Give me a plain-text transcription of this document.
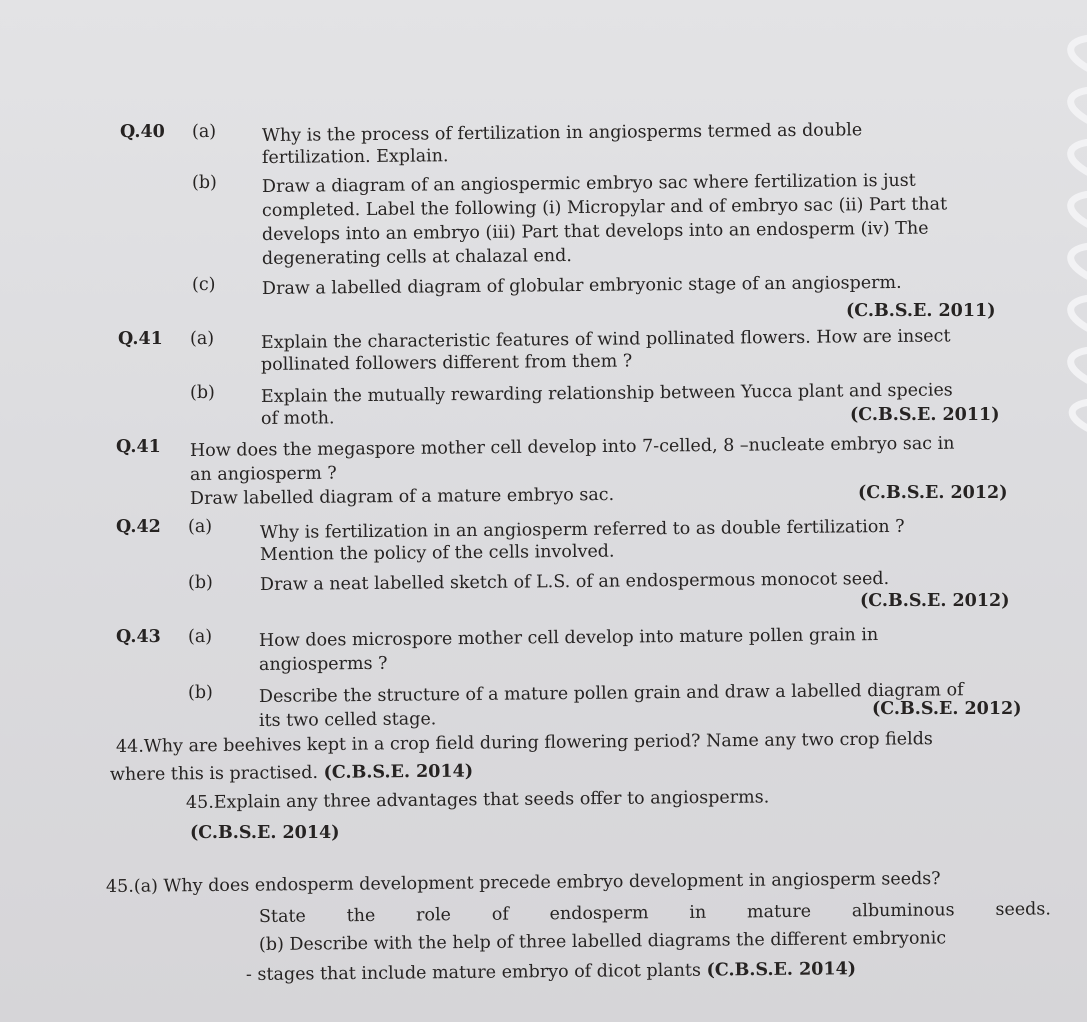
Q.40 (a)	Why is the process of fertilization in angiosperms termed as double
fertilization. Explain.
(b)	Draw a diagram of an angiospermic embryo sac where fertilization is just
completed. Label the following (i) Micropylar and of embryo sac (ii) Part that
develops into an embryo (iii) Part that develops into an endosperm (iv) The
degenerating cells at chalazal end.
(c)	Draw a labelled diagram of globular embryonic stage of an angiosperm.
(C.B.S.E. 2011)
Q.41 (a)	Explain the characteristic features of wind pollinated flowers. How are insect
pollinated followers different from them ?
(b)	Explain the mutually rewarding relationship between Yucca plant and species
of moth.	(C.B.S.E. 2011)
Q.41 How does the megaspore mother cell develop into 7-celled, 8 –nucleate embryo sac in
an angiosperm ?
Draw labelled diagram of a mature embryo sac.	(C.B.S.E. 2012)
Q.42 (a)	Why is fertilization in an angiosperm referred to as double fertilization ?
Mention the policy of the cells involved.
(b)	Draw a neat labelled sketch of L.S. of an endospermous monocot seed.
(C.B.S.E. 2012)
Q.43 (a)	How does microspore mother cell develop into mature pollen grain in
angiosperms ?
(b)	Describe the structure of a mature pollen grain and draw a labelled diagram of
its two celled stage.
(C.B.S.E. 2012)
44.Why are beehives kept in a crop field during flowering period? Name any two crop fields
where this is practised. (C.B.S.E. 2014)
45.Explain any three advantages that seeds offer to angiosperms.
(C.B.S.E. 2014)
45.(a) Why does endosperm development precede embryo development in angiosperm seeds?
State the role of endosperm in mature albuminous seeds.
(b) Describe with the help of three labelled diagrams the different embryonic
- stages that include mature embryo of dicot plants (C.B.S.E. 2014)
